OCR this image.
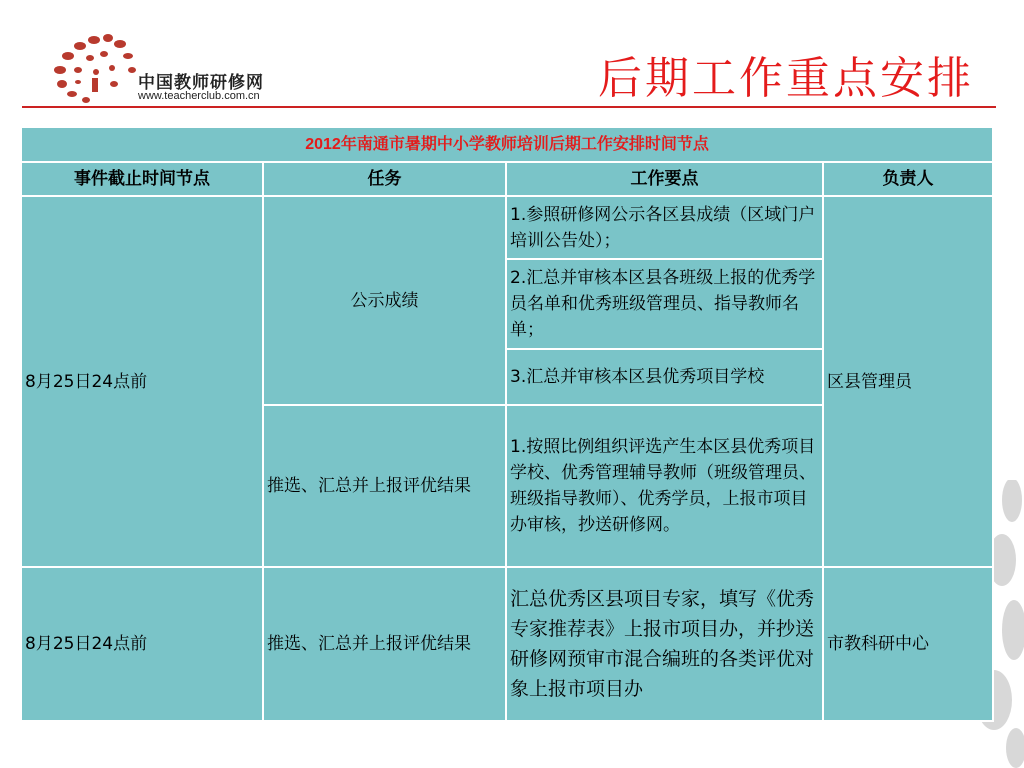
中国教师研修网
www.teacherclub.com.cn	后期工作重点安排
2012年南通市暑期中小学教师培训后期工作安排时间节点			
事件截止时间节点	任务	工作要点	负责人
8月25日24点前	公示成绩	1.参照研修网公示各区县成绩（区域门户培训公告处）；	区县管理员
		2.汇总并审核本区县各班级上报的优秀学员名单和优秀班级管理员、指导教师名单；	
		3.汇总并审核本区县优秀项目学校	
	推选、汇总并上报评优结果	1.按照比例组织评选产生本区县优秀项目学校、优秀管理辅导教师（班级管理员、班级指导教师）、优秀学员，上报市项目办审核，抄送研修网。	
8月25日24点前	推选、汇总并上报评优结果	汇总优秀区县项目专家，填写《优秀专家推荐表》上报市项目办，并抄送研修网预审市混合编班的各类评优对象上报市项目办	市教科研中心
